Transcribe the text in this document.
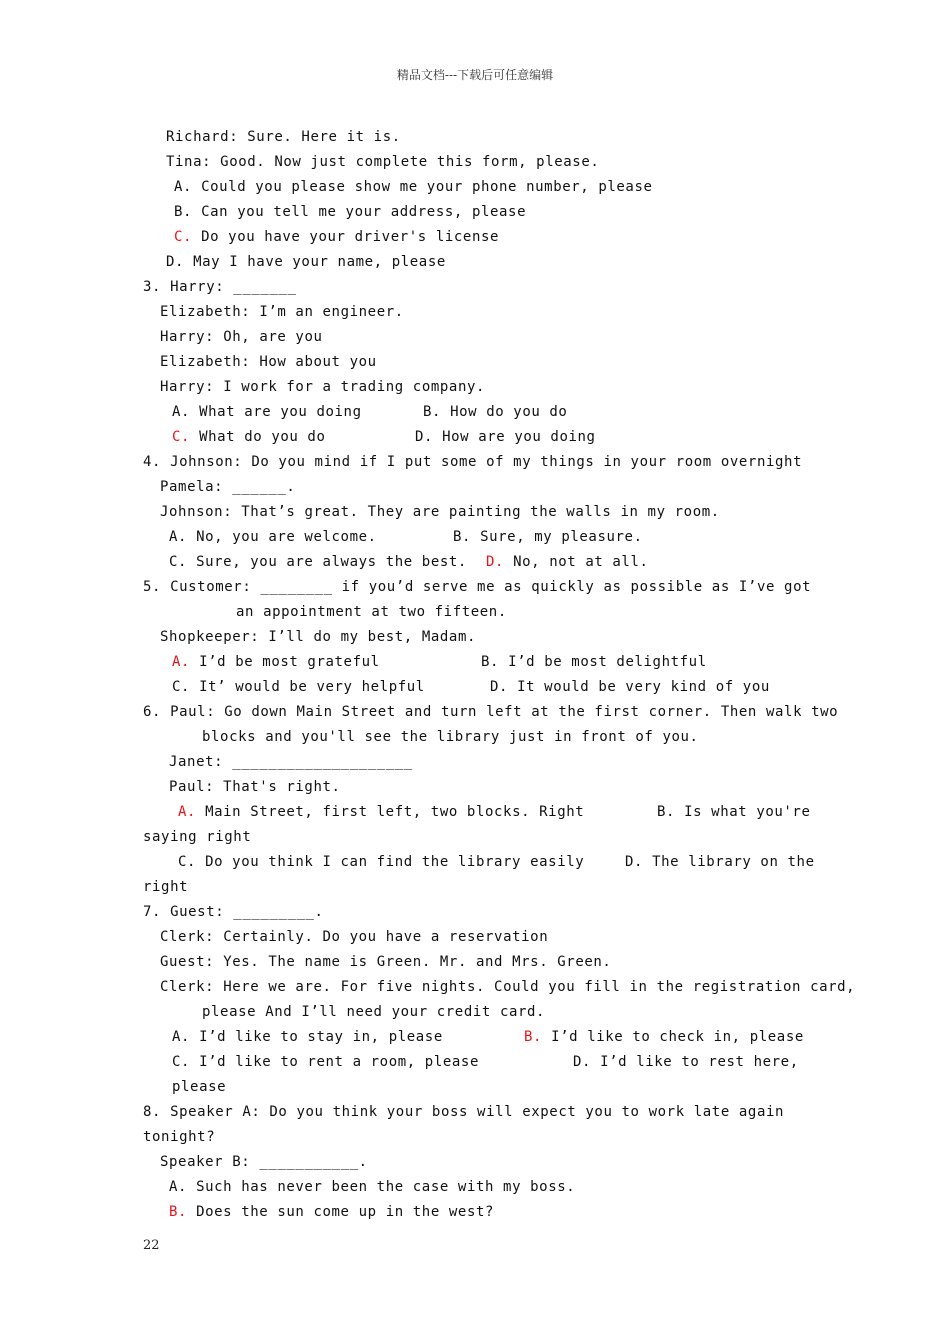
精品文档---下载后可任意编辑
Richard: Sure. Here it is.
Tina: Good. Now just complete this form, please.
A. Could you please show me your phone number, please
B. Can you tell me your address, please
C. Do you have your driver's license
D. May I have your name, please
3. Harry: _______
Elizabeth: I’m an engineer.
Harry: Oh, are you
Elizabeth: How about you
Harry: I work for a trading company.
A. What are you doing	B. How do you do
C. What do you do	D. How are you doing
4. Johnson: Do you mind if I put some of my things in your room overnight
Pamela: ______.
Johnson: That’s great. They are painting the walls in my room.
A. No, you are welcome.	B. Sure, my pleasure.
C. Sure, you are always the best. D. No, not at all.
5. Customer: ________ if you’d serve me as quickly as possible as I’ve got
an appointment at two fifteen.
Shopkeeper: I’ll do my best, Madam.
A. I’d be most grateful	B. I’d be most delightful
C. It’ would be very helpful	D. It would be very kind of you
6. Paul: Go down Main Street and turn left at the first corner. Then walk two
blocks and you'll see the library just in front of you.
Janet: ____________________
Paul: That's right.
A. Main Street, first left, two blocks. Right	B. Is what you're
saying right
C. Do you think I can find the library easily	D. The library on the
right
7. Guest: _________.
Clerk: Certainly. Do you have a reservation
Guest: Yes. The name is Green. Mr. and Mrs. Green.
Clerk: Here we are. For five nights. Could you fill in the registration card,
please And I’ll need your credit card.
A. I’d like to stay in, please	B. I’d like to check in, please
C. I’d like to rent a room, please	D. I’d like to rest here,
please
8. Speaker A: Do you think your boss will expect you to work late again
tonight?
Speaker B: ___________.
A. Such has never been the case with my boss.
B. Does the sun come up in the west?
22
